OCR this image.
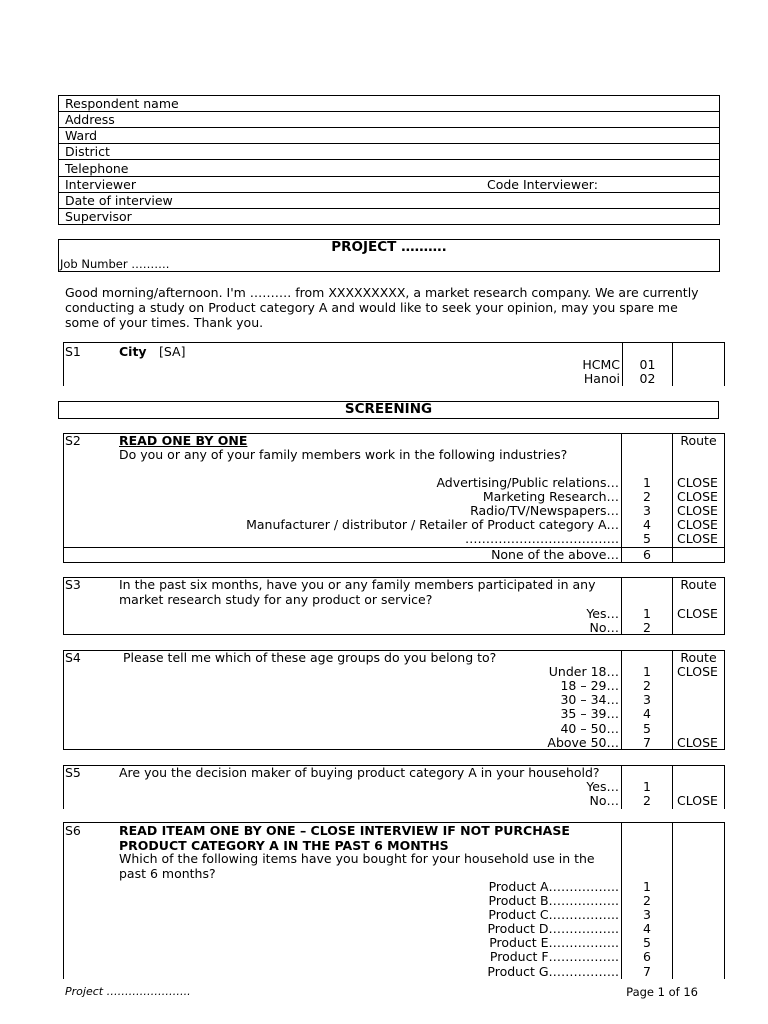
Respondent name
Address
Ward
District
Telephone
Interviewer	Code Interviewer:
Date of interview
Supervisor
PROJECT ……….
Job Number ……….
Good morning/afternoon. I'm ………. from XXXXXXXXX, a market research company. We are currently conducting a study on Product category A and would like to seek your opinion, may you spare me some of your times. Thank you.
S1	City [SA]
HCMC	01
Hanoi	02
SCREENING
S2	READ ONE BY ONE
Do you or any of your family members work in the following industries?
Route
Advertising/Public relations…	1	CLOSE
Marketing Research…	2	CLOSE
Radio/TV/Newspapers…	3	CLOSE
Manufacturer / distributor / Retailer of Product category A…	4	CLOSE
……………………………….	5	CLOSE
None of the above…	6
S3	In the past six months, have you or any family members participated in any market research study for any product or service?
Route
Yes…	1	CLOSE
No…	2
S4	Please tell me which of these age groups do you belong to?	Route
Under 18…	1	CLOSE
18 – 29…	2
30 – 34…	3
35 – 39…	4
40 – 50…	5
Above 50…	7	CLOSE
S5	Are you the decision maker of buying product category A in your household?
Yes…	1
No…	2	CLOSE
S6	READ ITEAM ONE BY ONE – CLOSE INTERVIEW IF NOT PURCHASE PRODUCT CATEGORY A IN THE PAST 6 MONTHS
Which of the following items have you bought for your household use in the past 6 months?
Product A……………..	1
Product B……………..	2
Product C……………..	3
Product D……………..	4
Product E……………..	5
Product F……………..	6
Product G……………..	7
Project …………………..	Page 1 of 16
